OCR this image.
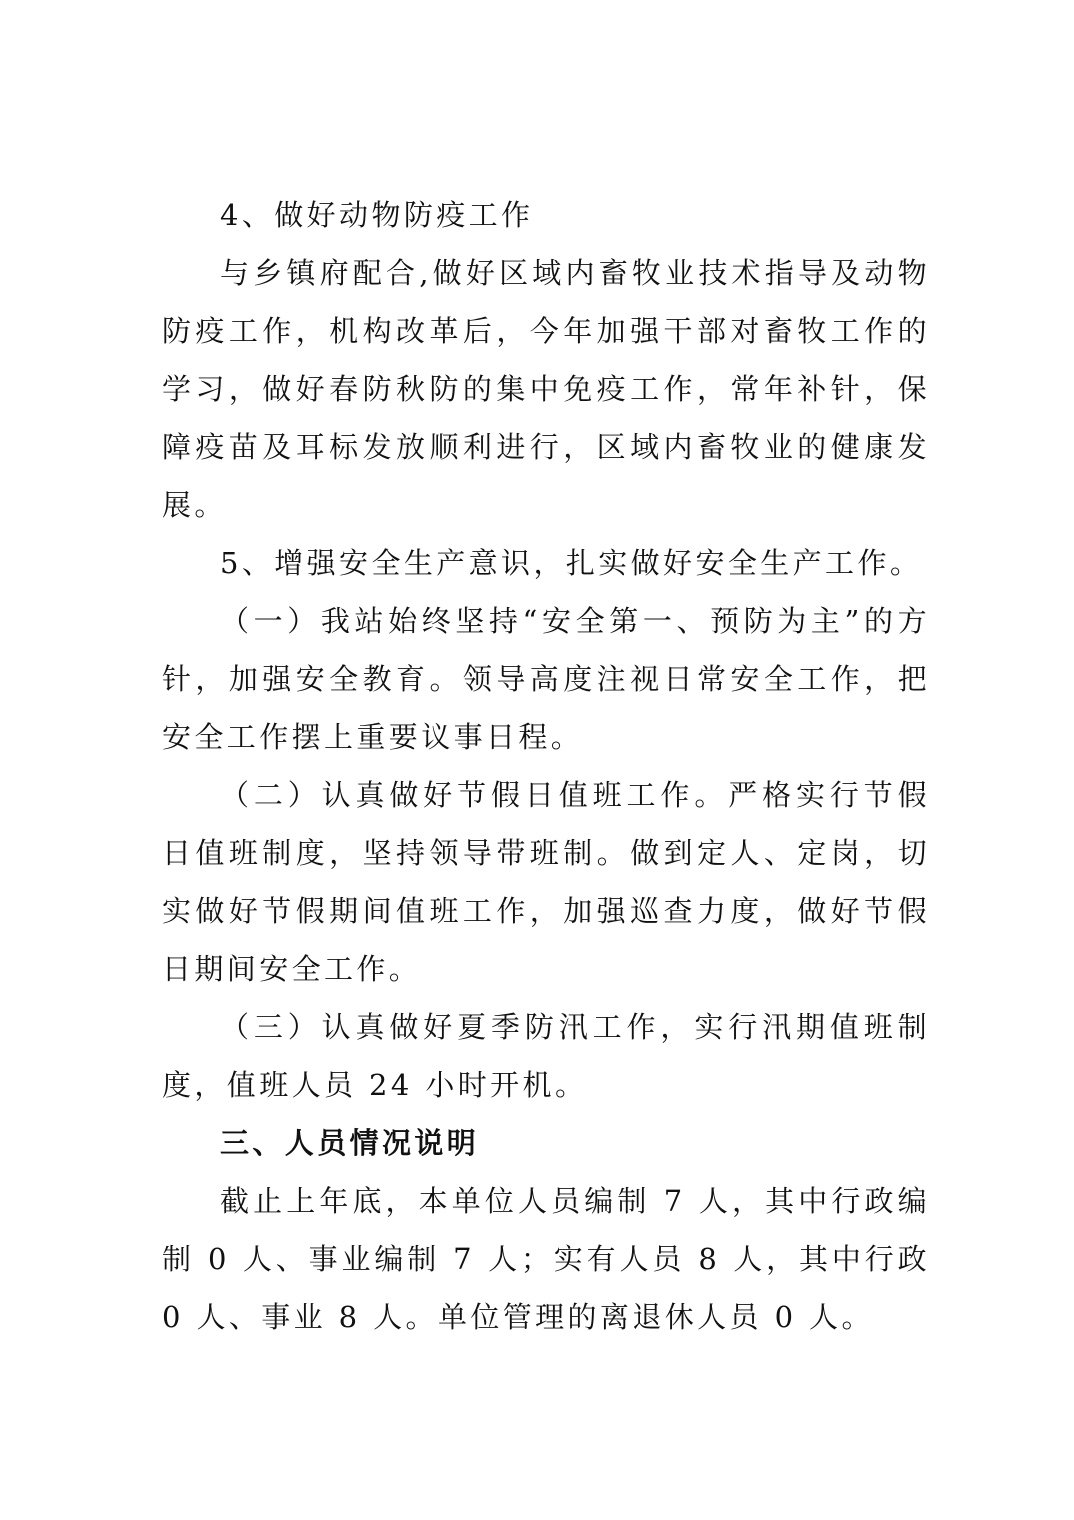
4、做好动物防疫工作

与乡镇府配合,做好区域内畜牧业技术指导及动物防疫工作，机构改革后，今年加强干部对畜牧工作的学习，做好春防秋防的集中免疫工作，常年补针，保障疫苗及耳标发放顺利进行，区域内畜牧业的健康发展。

5、增强安全生产意识，扎实做好安全生产工作。

（一）我站始终坚持“安全第一、预防为主”的方针，加强安全教育。领导高度注视日常安全工作，把安全工作摆上重要议事日程。

（二）认真做好节假日值班工作。严格实行节假日值班制度，坚持领导带班制。做到定人、定岗，切实做好节假期间值班工作，加强巡查力度，做好节假日期间安全工作。

（三）认真做好夏季防汛工作，实行汛期值班制度，值班人员 24 小时开机。

三、人员情况说明

截止上年底，本单位人员编制 7 人，其中行政编制 0 人、事业编制 7 人；实有人员 8 人，其中行政 0 人、事业 8 人。单位管理的离退休人员 0 人。
